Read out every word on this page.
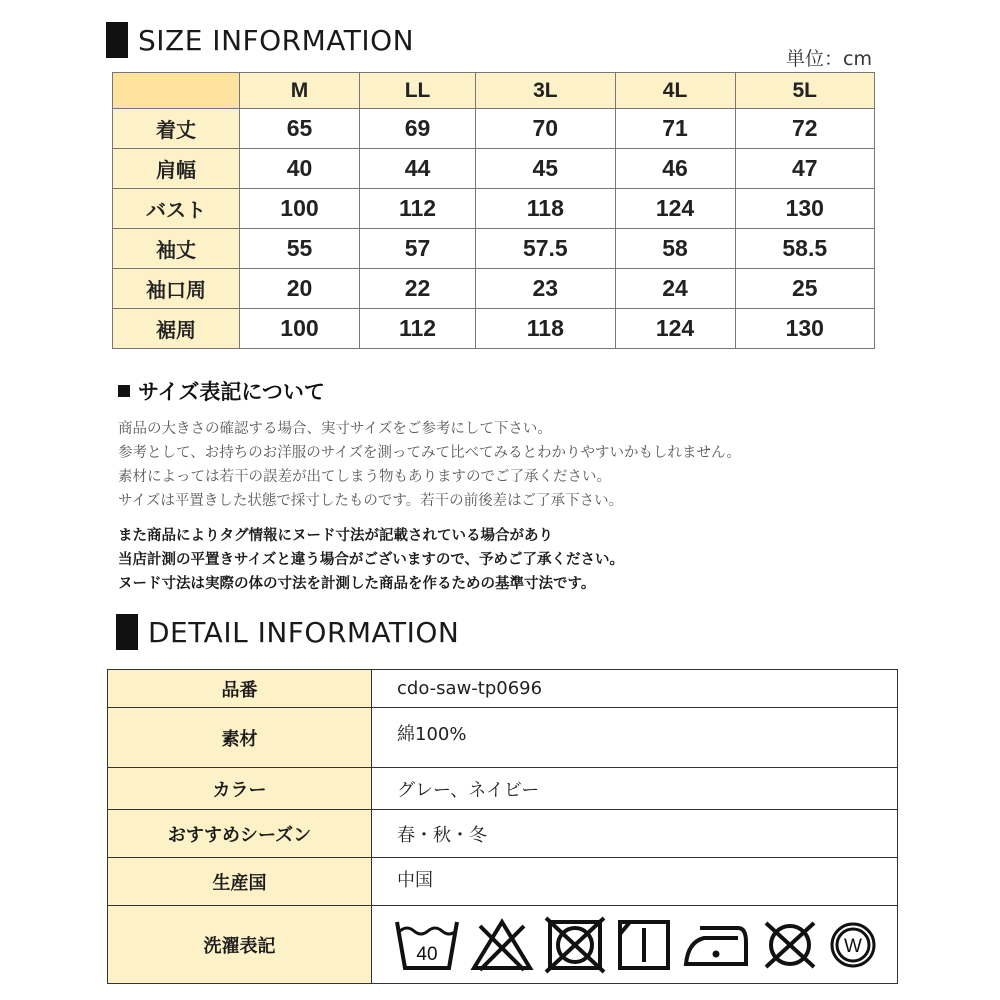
SIZE INFORMATION
単位：cm
	M	LL	3L	4L	5L
着丈	65	69	70	71	72
肩幅	40	44	45	46	47
バスト	100	112	118	124	130
袖丈	55	57	57.5	58	58.5
袖口周	20	22	23	24	25
裾周	100	112	118	124	130
サイズ表記について
商品の大きさの確認する場合、実寸サイズをご参考にして下さい。
参考として、お持ちのお洋服のサイズを測ってみて比べてみるとわかりやすいかもしれません。
素材によっては若干の誤差が出てしまう物もありますのでご了承ください。
サイズは平置きした状態で採寸したものです。若干の前後差はご了承下さい。
また商品によりタグ情報にヌード寸法が記載されている場合があり
当店計測の平置きサイズと違う場合がございますので、予めご了承ください。
ヌード寸法は実際の体の寸法を計測した商品を作るための基準寸法です。
DETAIL INFORMATION
品番	cdo-saw-tp0696
素材	綿100%
カラー	グレー、ネイビー
おすすめシーズン	春・秋・冬
生産国	中国
洗濯表記	40 W
